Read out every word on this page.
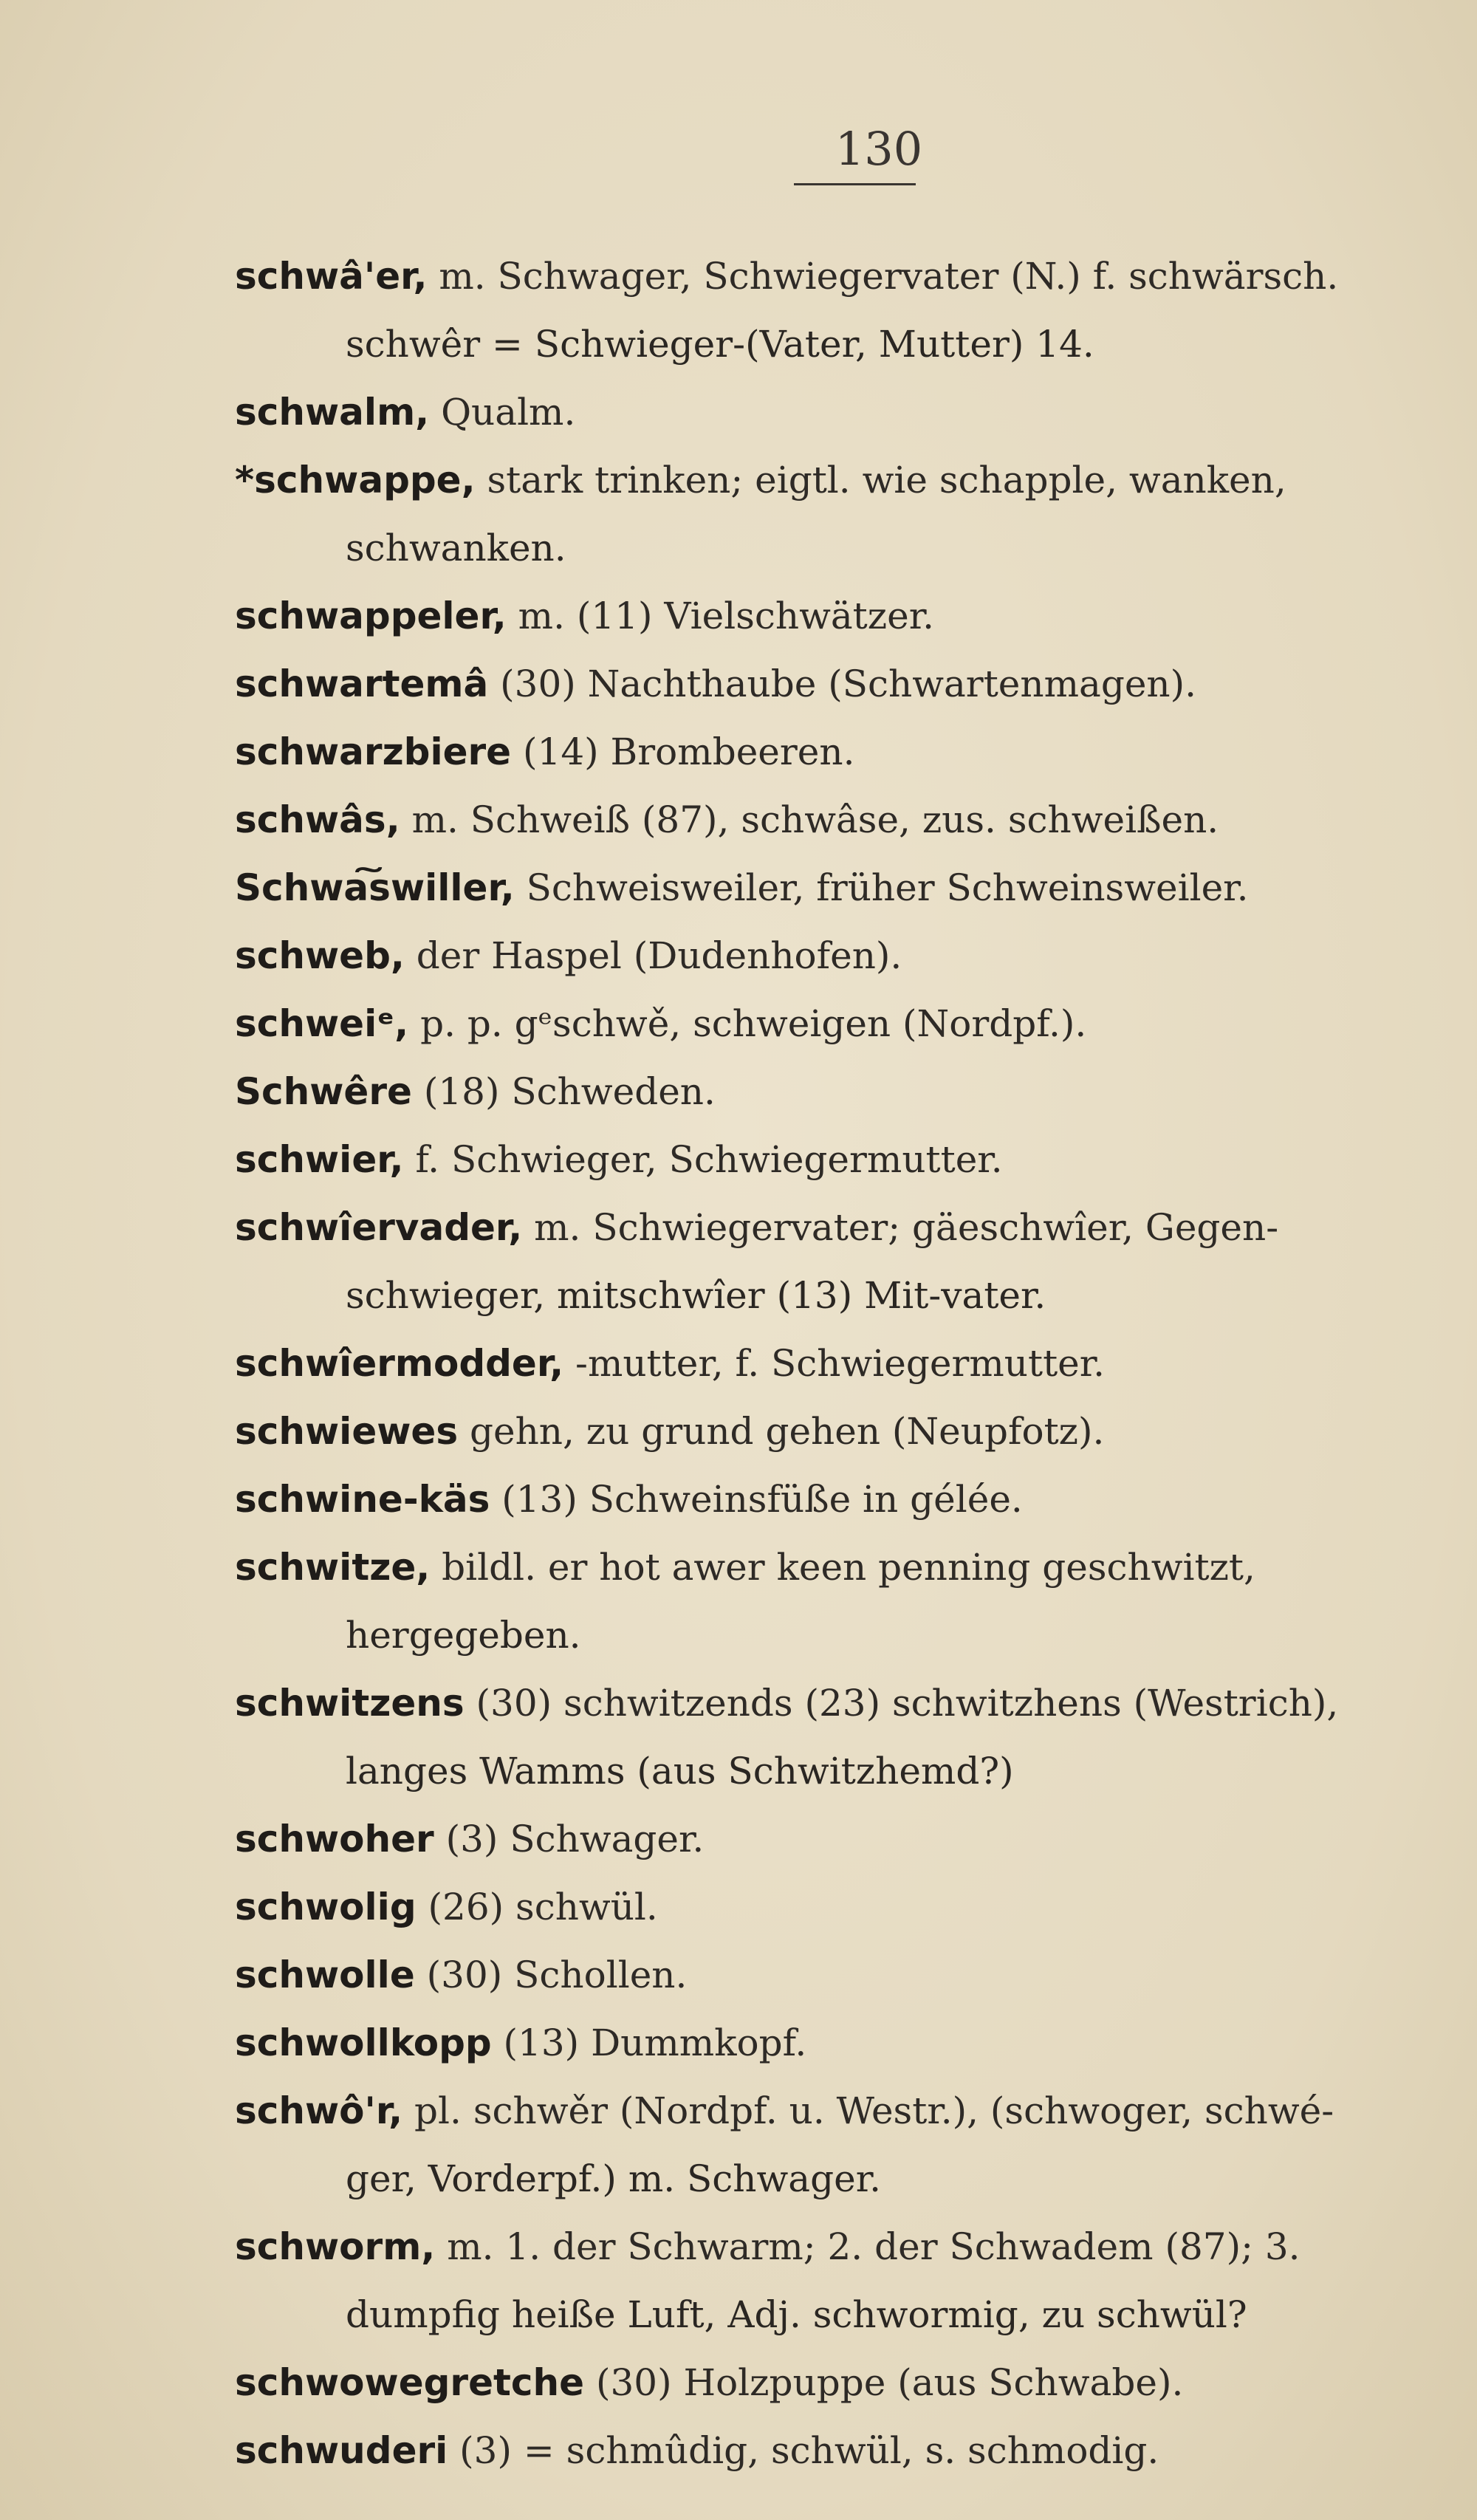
130
schwâ'er, m. Schwager, Schwiegervater (N.) f. schwärsch.
schwêr = Schwieger-(Vater, Mutter) 14.
schwalm, Qualm.
*schwappe, stark trinken; eigtl. wie schapple, wanken,
schwanken.
schwappeler, m. (11) Vielschwätzer.
schwartemâ (30) Nachthaube (Schwartenmagen).
schwarzbiere (14) Brombeeren.
schwâs, m. Schweiß (87), schwâse, zus. schweißen.
Schwa͠swiller, Schweisweiler, früher Schweinsweiler.
schweb, der Haspel (Dudenhofen).
schweiᵉ, p. p. gᵉschwě, schweigen (Nordpf.).
Schwêre (18) Schweden.
schwier, f. Schwieger, Schwiegermutter.
schwîervader, m. Schwiegervater; gäeschwîer, Gegen-
schwieger, mitschwîer (13) Mit-vater.
schwîermodder, -mutter, f. Schwiegermutter.
schwiewes gehn, zu grund gehen (Neupfotz).
schwine-käs (13) Schweinsfüße in gélée.
schwitze, bildl. er hot awer keen penning geschwitzt,
hergegeben.
schwitzens (30) schwitzends (23) schwitzhens (Westrich),
langes Wamms (aus Schwitzhemd?)
schwoher (3) Schwager.
schwolig (26) schwül.
schwolle (30) Schollen.
schwollkopp (13) Dummkopf.
schwô'r, pl. schwěr (Nordpf. u. Westr.), (schwoger, schwé-
ger, Vorderpf.) m. Schwager.
schworm, m. 1. der Schwarm; 2. der Schwadem (87); 3.
dumpfig heiße Luft, Adj. schwormig, zu schwül?
schwowegretche (30) Holzpuppe (aus Schwabe).
schwuderi (3) = schmûdig, schwül, s. schmodig.
